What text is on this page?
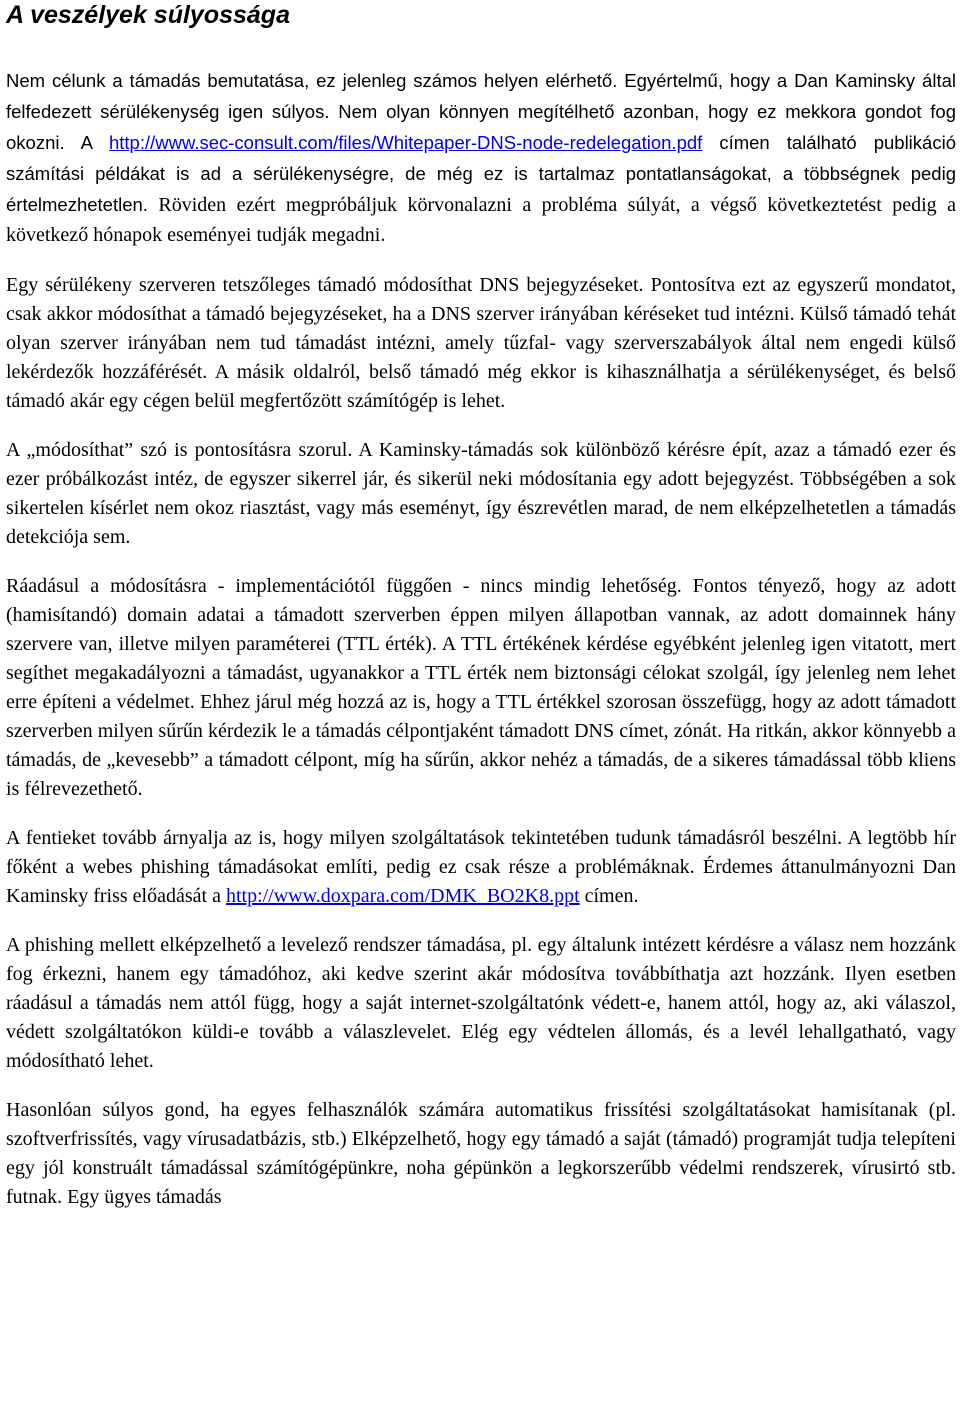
A veszélyek súlyossága

Nem célunk a támadás bemutatása, ez jelenleg számos helyen elérhető. Egyértelmű, hogy a Dan Kaminsky által felfedezett sérülékenység igen súlyos. Nem olyan könnyen megítélhető azonban, hogy ez mekkora gondot fog okozni. A http://www.sec-consult.com/files/Whitepaper-DNS-node-redelegation.pdf címen található publikáció számítási példákat is ad a sérülékenységre, de még ez is tartalmaz pontatlanságokat, a többségnek pedig értelmezhetetlen. Röviden ezért megpróbáljuk körvonalazni a probléma súlyát, a végső következtetést pedig a következő hónapok eseményei tudják megadni.

Egy sérülékeny szerveren tetszőleges támadó módosíthat DNS bejegyzéseket. Pontosítva ezt az egyszerű mondatot, csak akkor módosíthat a támadó bejegyzéseket, ha a DNS szerver irányában kéréseket tud intézni. Külső támadó tehát olyan szerver irányában nem tud támadást intézni, amely tűzfal- vagy szerverszabályok által nem engedi külső lekérdezők hozzáférését. A másik oldalról, belső támadó még ekkor is kihasználhatja a sérülékenységet, és belső támadó akár egy cégen belül megfertőzött számítógép is lehet.

A „módosíthat” szó is pontosításra szorul. A Kaminsky-támadás sok különböző kérésre épít, azaz a támadó ezer és ezer próbálkozást intéz, de egyszer sikerrel jár, és sikerül neki módosítania egy adott bejegyzést. Többségében a sok sikertelen kísérlet nem okoz riasztást, vagy más eseményt, így észrevétlen marad, de nem elképzelhetetlen a támadás detekciója sem.

Ráadásul a módosításra - implementációtól függően - nincs mindig lehetőség. Fontos tényező, hogy az adott (hamisítandó) domain adatai a támadott szerverben éppen milyen állapotban vannak, az adott domainnek hány szervere van, illetve milyen paraméterei (TTL érték). A TTL értékének kérdése egyébként jelenleg igen vitatott, mert segíthet megakadályozni a támadást, ugyanakkor a TTL érték nem biztonsági célokat szolgál, így jelenleg nem lehet erre építeni a védelmet. Ehhez járul még hozzá az is, hogy a TTL értékkel szorosan összefügg, hogy az adott támadott szerverben milyen sűrűn kérdezik le a támadás célpontjaként támadott DNS címet, zónát. Ha ritkán, akkor könnyebb a támadás, de „kevesebb” a támadott célpont, míg ha sűrűn, akkor nehéz a támadás, de a sikeres támadással több kliens is félrevezethető.

A fentieket tovább árnyalja az is, hogy milyen szolgáltatások tekintetében tudunk támadásról beszélni. A legtöbb hír főként a webes phishing támadásokat említi, pedig ez csak része a problémáknak. Érdemes áttanulmányozni Dan Kaminsky friss előadását a http://www.doxpara.com/DMK_BO2K8.ppt címen.

A phishing mellett elképzelhető a levelező rendszer támadása, pl. egy általunk intézett kérdésre a válasz nem hozzánk fog érkezni, hanem egy támadóhoz, aki kedve szerint akár módosítva továbbíthatja azt hozzánk. Ilyen esetben ráadásul a támadás nem attól függ, hogy a saját internet-szolgáltatónk védett-e, hanem attól, hogy az, aki válaszol, védett szolgáltatókon küldi-e tovább a válaszlevelet. Elég egy védtelen állomás, és a levél lehallgatható, vagy módosítható lehet.

Hasonlóan súlyos gond, ha egyes felhasználók számára automatikus frissítési szolgáltatásokat hamisítanak (pl. szoftverfrissítés, vagy vírusadatbázis, stb.) Elképzelhető, hogy egy támadó a saját (támadó) programját tudja telepíteni egy jól konstruált támadással számítógépünkre, noha gépünkön a legkorszerűbb védelmi rendszerek, vírusirtó stb. futnak. Egy ügyes támadás
